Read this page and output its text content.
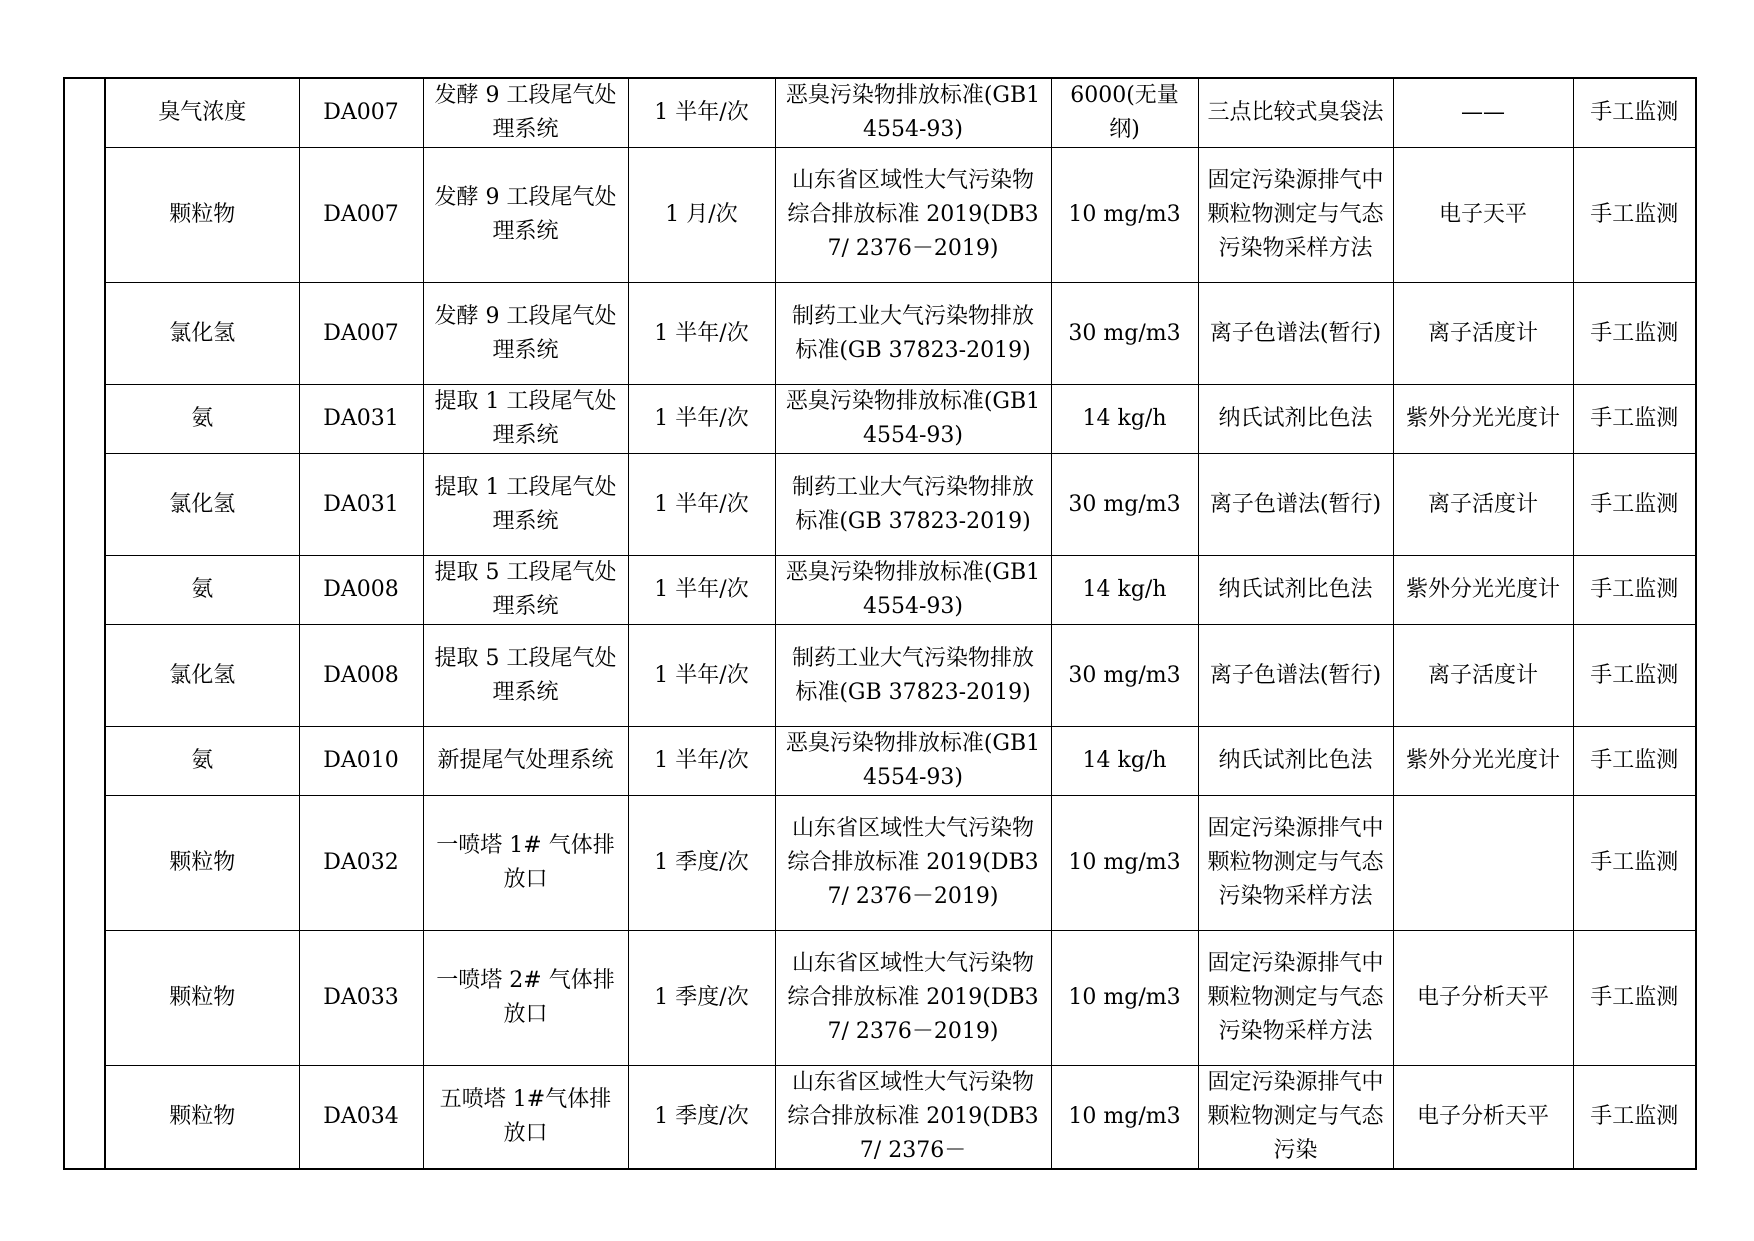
	臭气浓度	DA007	发酵 9 工段尾气处理系统	1 半年/次	恶臭污染物排放标准(GB14554-93)	6000(无量纲)	三点比较式臭袋法	——	手工监测
	颗粒物	DA007	发酵 9 工段尾气处理系统	1 月/次	山东省区域性大气污染物综合排放标准 2019(DB37/ 2376－2019)	10 mg/m3	固定污染源排气中颗粒物测定与气态污染物采样方法	电子天平	手工监测
	氯化氢	DA007	发酵 9 工段尾气处理系统	1 半年/次	制药工业大气污染物排放标准(GB 37823-2019)	30 mg/m3	离子色谱法(暂行)	离子活度计	手工监测
	氨	DA031	提取 1 工段尾气处理系统	1 半年/次	恶臭污染物排放标准(GB14554-93)	14 kg/h	纳氏试剂比色法	紫外分光光度计	手工监测
	氯化氢	DA031	提取 1 工段尾气处理系统	1 半年/次	制药工业大气污染物排放标准(GB 37823-2019)	30 mg/m3	离子色谱法(暂行)	离子活度计	手工监测
	氨	DA008	提取 5 工段尾气处理系统	1 半年/次	恶臭污染物排放标准(GB14554-93)	14 kg/h	纳氏试剂比色法	紫外分光光度计	手工监测
	氯化氢	DA008	提取 5 工段尾气处理系统	1 半年/次	制药工业大气污染物排放标准(GB 37823-2019)	30 mg/m3	离子色谱法(暂行)	离子活度计	手工监测
	氨	DA010	新提尾气处理系统	1 半年/次	恶臭污染物排放标准(GB14554-93)	14 kg/h	纳氏试剂比色法	紫外分光光度计	手工监测
	颗粒物	DA032	一喷塔 1# 气体排放口	1 季度/次	山东省区域性大气污染物综合排放标准 2019(DB37/ 2376－2019)	10 mg/m3	固定污染源排气中颗粒物测定与气态污染物采样方法		手工监测
	颗粒物	DA033	一喷塔 2# 气体排放口	1 季度/次	山东省区域性大气污染物综合排放标准 2019(DB37/ 2376－2019)	10 mg/m3	固定污染源排气中颗粒物测定与气态污染物采样方法	电子分析天平	手工监测
	颗粒物	DA034	五喷塔 1#气体排放口	1 季度/次	山东省区域性大气污染物综合排放标准 2019(DB37/ 2376－	10 mg/m3	固定污染源排气中颗粒物测定与气态污染	电子分析天平	手工监测
